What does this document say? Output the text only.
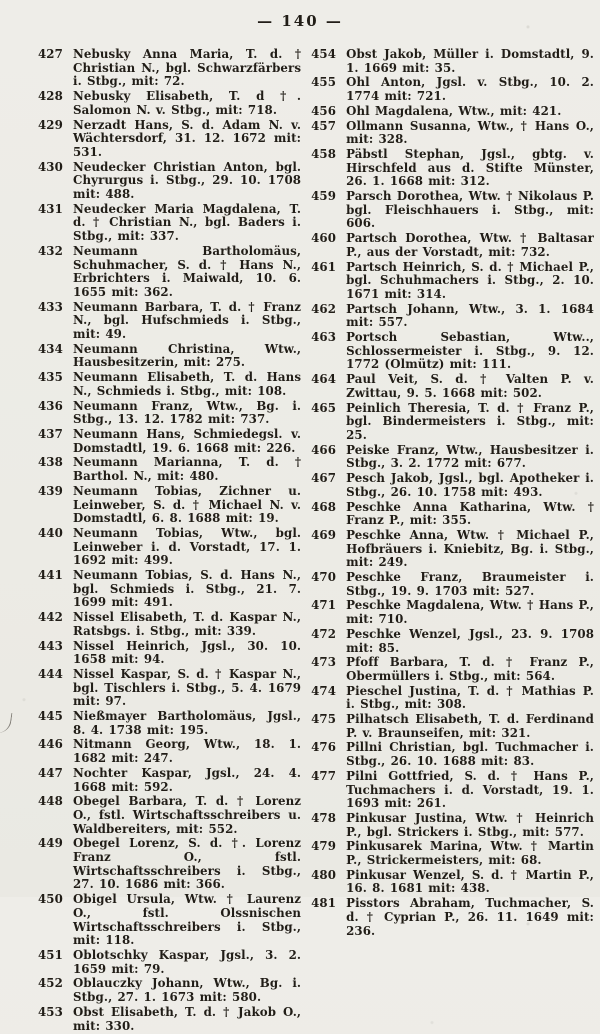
— 140 —
427 Nebusky Anna Maria, T. d. † Christian N., bgl. Schwarzfärbers i. Stbg., mit: 72.
428 Nebusky Elisabeth, T. d †. Salomon N. v. Stbg., mit: 718.
429 Nerzadt Hans, S. d. Adam N. v. Wächtersdorf, 31. 12. 1672 mit: 531.
430 Neudecker Christian Anton, bgl. Chyrurgus i. Stbg., 29. 10. 1708 mit: 488.
431 Neudecker Maria Magdalena, T. d. † Christian N., bgl. Baders i. Stbg., mit: 337.
432 Neumann Bartholomäus, Schuhmacher, S. d. † Hans N., Erbrichters i. Maiwald, 10. 6. 1655 mit: 362.
433 Neumann Barbara, T. d. † Franz N., bgl. Hufschmieds i. Stbg., mit: 49.
434 Neumann Christina, Wtw., Hausbesitzerin, mit: 275.
435 Neumann Elisabeth, T. d. Hans N., Schmieds i. Stbg., mit: 108.
436 Neumann Franz, Wtw., Bg. i. Stbg., 13. 12. 1782 mit: 737.
437 Neumann Hans, Schmiedegsl. v. Domstadtl, 19. 6. 1668 mit: 226.
438 Neumann Marianna, T. d. † Barthol. N., mit: 480.
439 Neumann Tobias, Zichner u. Leinweber, S. d. † Michael N. v. Domstadtl, 6. 8. 1688 mit: 19.
440 Neumann Tobias, Wtw., bgl. Leinweber i. d. Vorstadt, 17. 1. 1692 mit: 499.
441 Neumann Tobias, S. d. Hans N., bgl. Schmieds i. Stbg., 21. 7. 1699 mit: 491.
442 Nissel Elisabeth, T. d. Kaspar N., Ratsbgs. i. Stbg., mit: 339.
443 Nissel Heinrich, Jgsl., 30. 10. 1658 mit: 94.
444 Nissel Kaspar, S. d. † Kaspar N., bgl. Tischlers i. Stbg., 5. 4. 1679 mit: 97.
445 Nießmayer Bartholomäus, Jgsl., 8. 4. 1738 mit: 195.
446 Nitmann Georg, Wtw., 18. 1. 1682 mit: 247.
447 Nochter Kaspar, Jgsl., 24. 4. 1668 mit: 592.
448 Obegel Barbara, T. d. † Lorenz O., fstl. Wirtschaftsschreibers u. Waldbereiters, mit: 552.
449 Obegel Lorenz, S. d. †. Lorenz Franz O., fstl. Wirtschaftsschreibers i. Stbg., 27. 10. 1686 mit: 366.
450 Obigel Ursula, Wtw. † Laurenz O., fstl. Olssnischen Wirtschaftsschreibers i. Stbg., mit: 118.
451 Oblotschky Kaspar, Jgsl., 3. 2. 1659 mit: 79.
452 Oblauczky Johann, Wtw., Bg. i. Stbg., 27. 1. 1673 mit: 580.
453 Obst Elisabeth, T. d. † Jakob O., mit: 330.
454 Obst Jakob, Müller i. Domstadtl, 9. 1. 1669 mit: 35.
455 Ohl Anton, Jgsl. v. Stbg., 10. 2. 1774 mit: 721.
456 Ohl Magdalena, Wtw., mit: 421.
457 Ollmann Susanna, Wtw., † Hans O., mit: 328.
458 Päbstl Stephan, Jgsl., gbtg. v. Hirschfeld aus d. Stifte Münster, 26. 1. 1668 mit: 312.
459 Parsch Dorothea, Wtw. † Nikolaus P. bgl. Fleischhauers i. Stbg., mit: 606.
460 Partsch Dorothea, Wtw. † Baltasar P., aus der Vorstadt, mit: 732.
461 Partsch Heinrich, S. d. † Michael P., bgl. Schuhmachers i. Stbg., 2. 10. 1671 mit: 314.
462 Partsch Johann, Wtw., 3. 1. 1684 mit: 557.
463 Portsch Sebastian, Wtw.., Schlossermeister i. Stbg., 9. 12. 1772 (Olmütz) mit: 111.
464 Paul Veit, S. d. † Valten P. v. Zwittau, 9. 5. 1668 mit: 502.
465 Peinlich Theresia, T. d. † Franz P., bgl. Bindermeisters i. Stbg., mit: 25.
466 Peiske Franz, Wtw., Hausbesitzer i. Stbg., 3. 2. 1772 mit: 677.
467 Pesch Jakob, Jgsl., bgl. Apotheker i. Stbg., 26. 10. 1758 mit: 493.
468 Peschke Anna Katharina, Wtw. † Franz P., mit: 355.
469 Peschke Anna, Wtw. † Michael P., Hofbräuers i. Kniebitz, Bg. i. Stbg., mit: 249.
470 Peschke Franz, Braumeister i. Stbg., 19. 9. 1703 mit: 527.
471 Peschke Magdalena, Wtw. † Hans P., mit: 710.
472 Peschke Wenzel, Jgsl., 23. 9. 1708 mit: 85.
473 Pfoff Barbara, T. d. † Franz P., Obermüllers i. Stbg., mit: 564.
474 Pieschel Justina, T. d. † Mathias P. i. Stbg., mit: 308.
475 Pilhatsch Elisabeth, T. d. Ferdinand P. v. Braunseifen, mit: 321.
476 Pillni Christian, bgl. Tuchmacher i. Stbg., 26. 10. 1688 mit: 83.
477 Pilni Gottfried, S. d. † Hans P., Tuchmachers i. d. Vorstadt, 19. 1. 1693 mit: 261.
478 Pinkusar Justina, Wtw. † Heinrich P., bgl. Strickers i. Stbg., mit: 577.
479 Pinkusarek Marina, Wtw. † Martin P., Strickermeisters, mit: 68.
480 Pinkusar Wenzel, S. d. † Martin P., 16. 8. 1681 mit: 438.
481 Pisstors Abraham, Tuchmacher, S. d. † Cyprian P., 26. 11. 1649 mit: 236.
